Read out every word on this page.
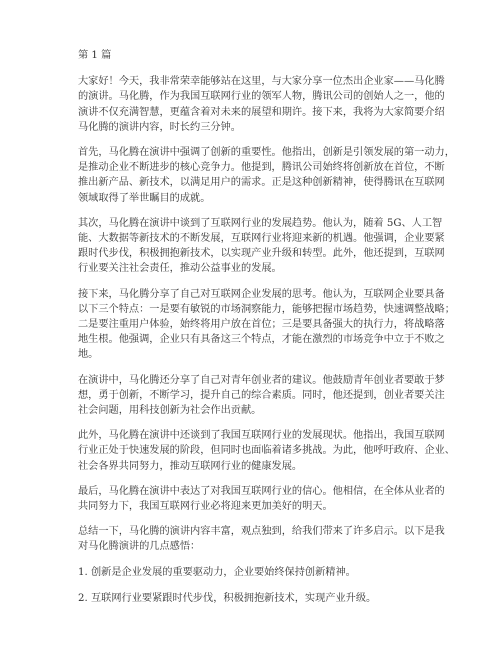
第 1 篇
大家好！今天，我非常荣幸能够站在这里，与大家分享一位杰出企业家——马化腾
的演讲。马化腾，作为我国互联网行业的领军人物，腾讯公司的创始人之一，他的
演讲不仅充满智慧，更蕴含着对未来的展望和期许。接下来，我将为大家简要介绍
马化腾的演讲内容，时长约三分钟。
首先，马化腾在演讲中强调了创新的重要性。他指出，创新是引领发展的第一动力，
是推动企业不断进步的核心竞争力。他提到，腾讯公司始终将创新放在首位，不断
推出新产品、新技术，以满足用户的需求。正是这种创新精神，使得腾讯在互联网
领域取得了举世瞩目的成就。
其次，马化腾在演讲中谈到了互联网行业的发展趋势。他认为，随着 5G、人工智
能、大数据等新技术的不断发展，互联网行业将迎来新的机遇。他强调，企业要紧
跟时代步伐，积极拥抱新技术，以实现产业升级和转型。此外，他还提到，互联网
行业要关注社会责任，推动公益事业的发展。
接下来，马化腾分享了自己对互联网企业发展的思考。他认为，互联网企业要具备
以下三个特点：一是要有敏锐的市场洞察能力，能够把握市场趋势，快速调整战略；
二是要注重用户体验，始终将用户放在首位；三是要具备强大的执行力，将战略落
地生根。他强调，企业只有具备这三个特点，才能在激烈的市场竞争中立于不败之
地。
在演讲中，马化腾还分享了自己对青年创业者的建议。他鼓励青年创业者要敢于梦
想，勇于创新，不断学习，提升自己的综合素质。同时，他还提到，创业者要关注
社会问题，用科技创新为社会作出贡献。
此外，马化腾在演讲中还谈到了我国互联网行业的发展现状。他指出，我国互联网
行业正处于快速发展的阶段，但同时也面临着诸多挑战。为此，他呼吁政府、企业、
社会各界共同努力，推动互联网行业的健康发展。
最后，马化腾在演讲中表达了对我国互联网行业的信心。他相信，在全体从业者的
共同努力下，我国互联网行业必将迎来更加美好的明天。
总结一下，马化腾的演讲内容丰富，观点独到，给我们带来了许多启示。以下是我
对马化腾演讲的几点感悟：
1. 创新是企业发展的重要驱动力，企业要始终保持创新精神。
2. 互联网行业要紧跟时代步伐，积极拥抱新技术，实现产业升级。
